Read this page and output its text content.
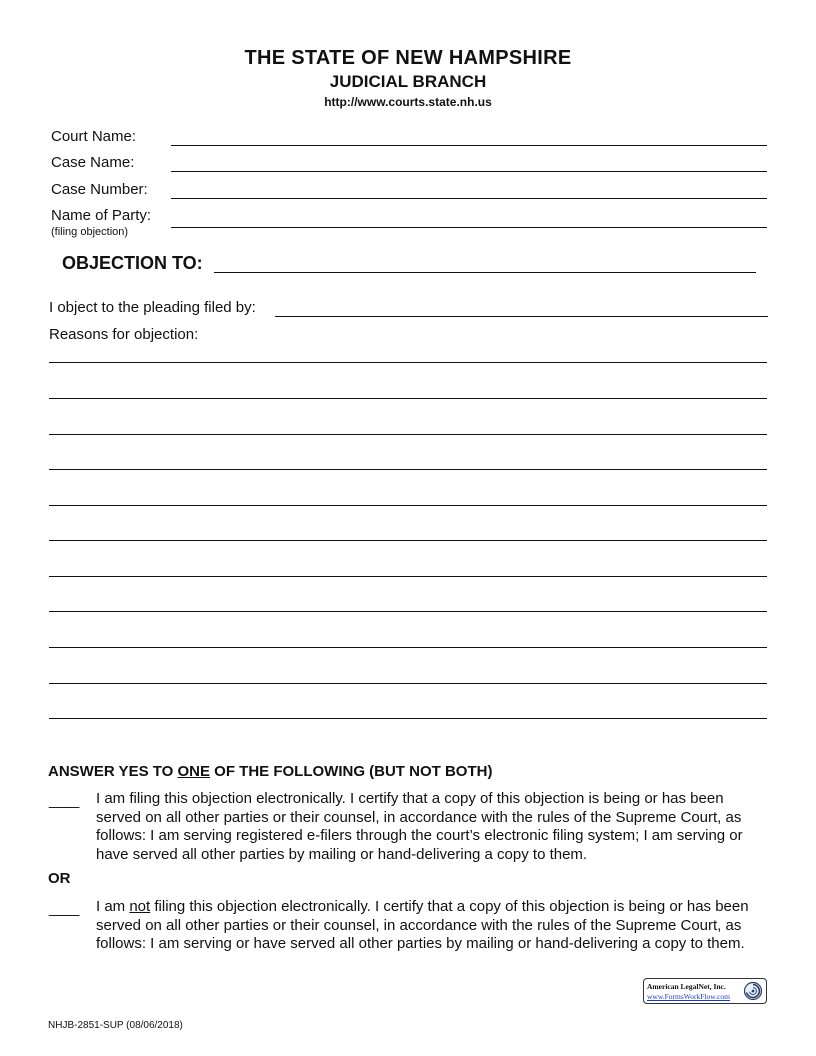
THE STATE OF NEW HAMPSHIRE
JUDICIAL BRANCH
http://www.courts.state.nh.us
Court Name:
Case Name:
Case Number:
Name of Party:
(filing objection)
OBJECTION TO:
I object to the pleading filed by:
Reasons for objection:
ANSWER YES TO ONE OF THE FOLLOWING (BUT NOT BOTH)
____ I am filing this objection electronically. I certify that a copy of this objection is being or has been served on all other parties or their counsel, in accordance with the rules of the Supreme Court, as follows: I am serving registered e-filers through the court’s electronic filing system; I am serving or have served all other parties by mailing or hand-delivering a copy to them.
OR
____ I am not filing this objection electronically. I certify that a copy of this objection is being or has been served on all other parties or their counsel, in accordance with the rules of the Supreme Court, as follows: I am serving or have served all other parties by mailing or hand-delivering a copy to them.
American LegalNet, Inc.
www.FormsWorkFlow.com
NHJB-2851-SUP (08/06/2018)
